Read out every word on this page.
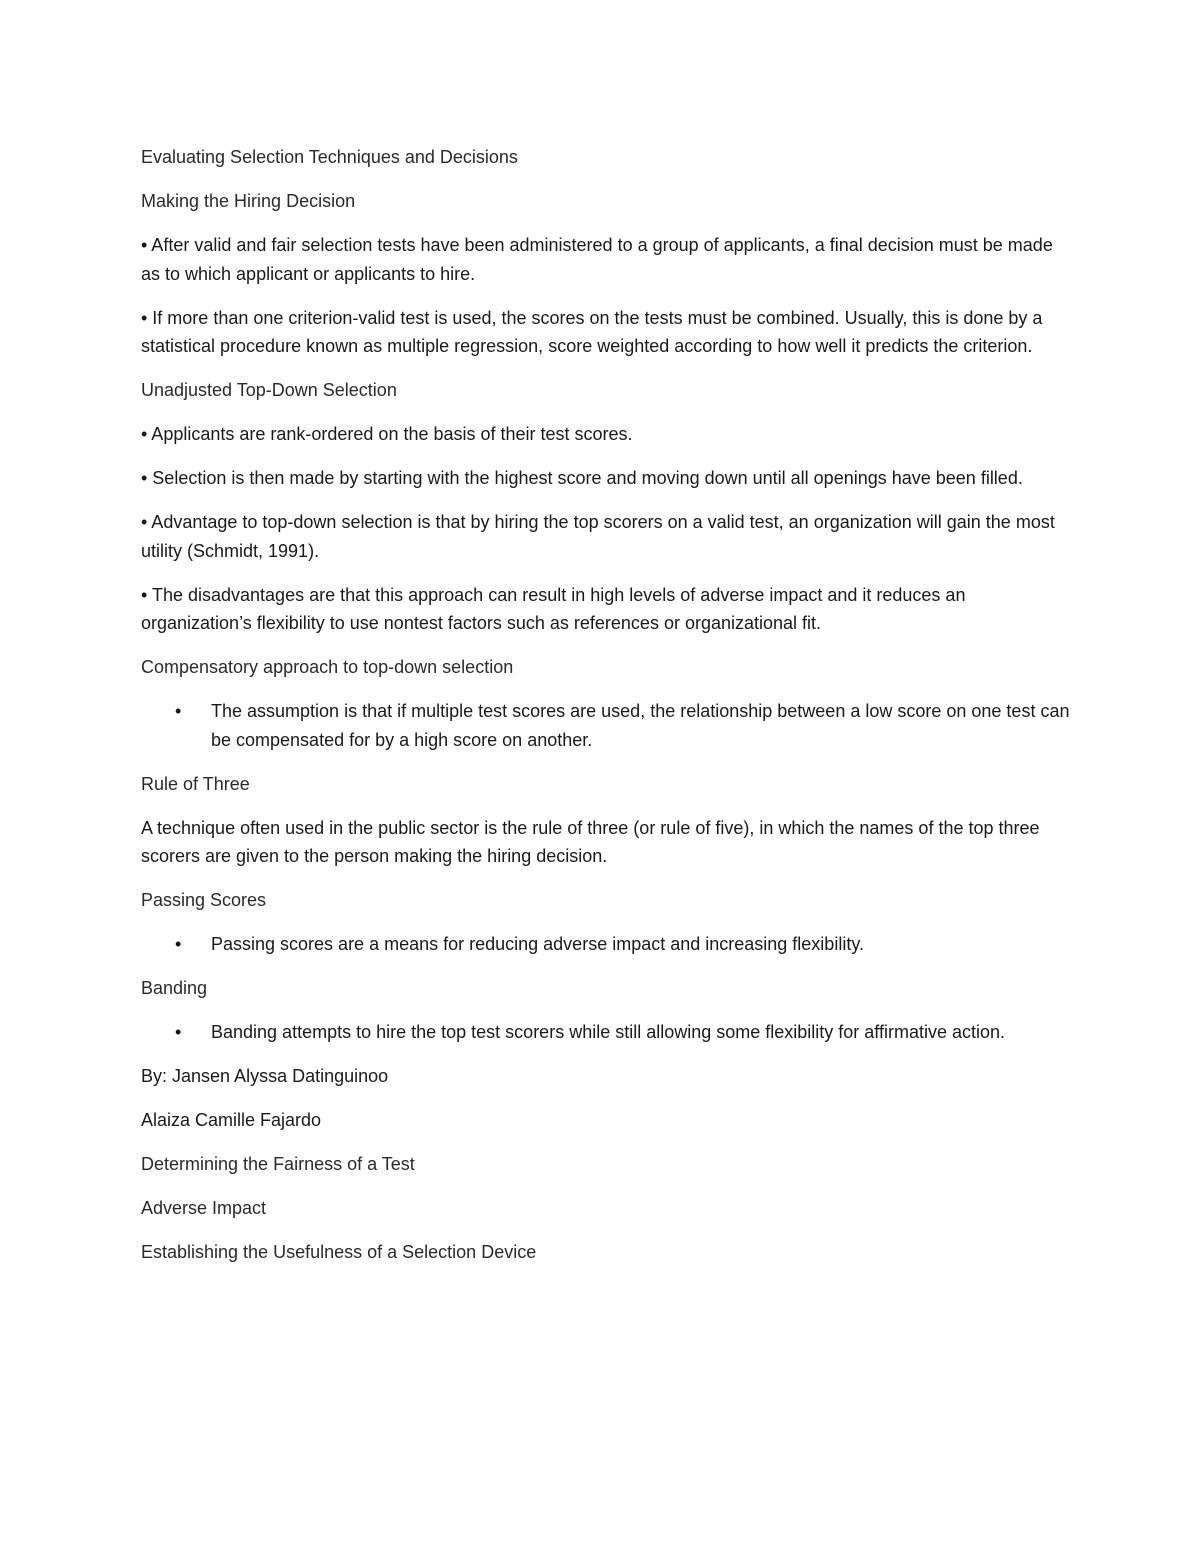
Evaluating Selection Techniques and Decisions

Making the Hiring Decision

• After valid and fair selection tests have been administered to a group of applicants, a final decision must be made as to which applicant or applicants to hire.

• If more than one criterion-valid test is used, the scores on the tests must be combined. Usually, this is done by a statistical procedure known as multiple regression, score weighted according to how well it predicts the criterion.

Unadjusted Top-Down Selection

• Applicants are rank-ordered on the basis of their test scores.

• Selection is then made by starting with the highest score and moving down until all openings have been filled.

• Advantage to top-down selection is that by hiring the top scorers on a valid test, an organization will gain the most utility (Schmidt, 1991).

• The disadvantages are that this approach can result in high levels of adverse impact and it reduces an organization’s flexibility to use nontest factors such as references or organizational fit.

Compensatory approach to top-down selection

• The assumption is that if multiple test scores are used, the relationship between a low score on one test can be compensated for by a high score on another.

Rule of Three

A technique often used in the public sector is the rule of three (or rule of five), in which the names of the top three scorers are given to the person making the hiring decision.

Passing Scores

• Passing scores are a means for reducing adverse impact and increasing flexibility.

Banding

• Banding attempts to hire the top test scorers while still allowing some flexibility for affirmative action.

By: Jansen Alyssa Datinguinoo

Alaiza Camille Fajardo

Determining the Fairness of a Test

Adverse Impact

Establishing the Usefulness of a Selection Device
